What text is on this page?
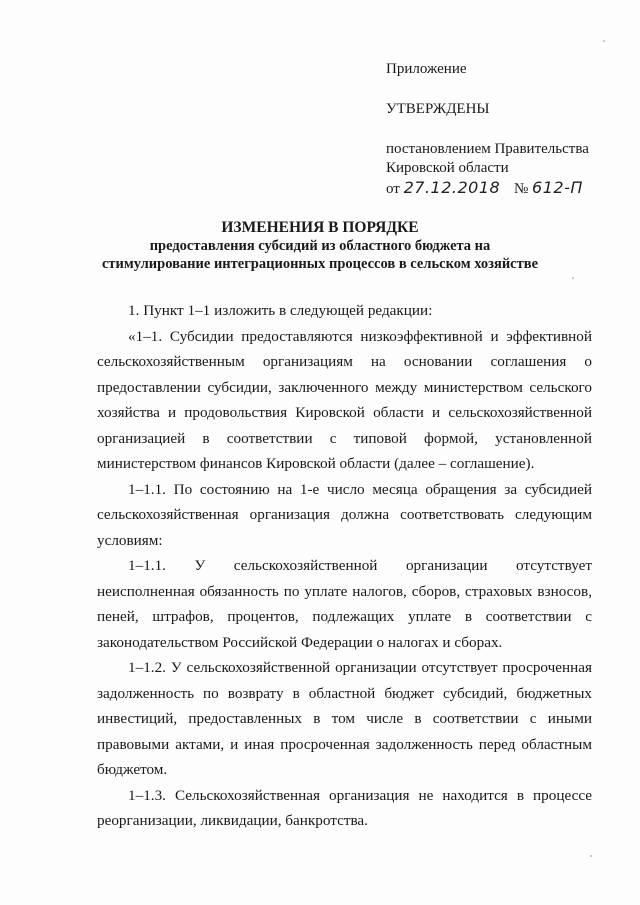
Приложение
УТВЕРЖДЕНЫ
постановлением Правительства
Кировской области
от 27.12.2018 № 612-П
ИЗМЕНЕНИЯ В ПОРЯДКЕ
предоставления субсидий из областного бюджета на
стимулирование интеграционных процессов в сельском хозяйстве

1. Пункт 1–1 изложить в следующей редакции:

«1–1. Субсидии предоставляются низкоэффективной и эффективной сельскохозяйственным организациям на основании соглашения о предоставлении субсидии, заключенного между министерством сельского хозяйства и продовольствия Кировской области и сельскохозяйственной организацией в соответствии с типовой формой, установленной министерством финансов Кировской области (далее – соглашение).

1–1.1. По состоянию на 1-е число месяца обращения за субсидией сельскохозяйственная организация должна соответствовать следующим условиям:

1–1.1. У сельскохозяйственной организации отсутствует неисполненная обязанность по уплате налогов, сборов, страховых взносов, пеней, штрафов, процентов, подлежащих уплате в соответствии с законодательством Российской Федерации о налогах и сборах.

1–1.2. У сельскохозяйственной организации отсутствует просроченная задолженность по возврату в областной бюджет субсидий, бюджетных инвестиций, предоставленных в том числе в соответствии с иными правовыми актами, и иная просроченная задолженность перед областным бюджетом.

1–1.3. Сельскохозяйственная организация не находится в процессе реорганизации, ликвидации, банкротства.
